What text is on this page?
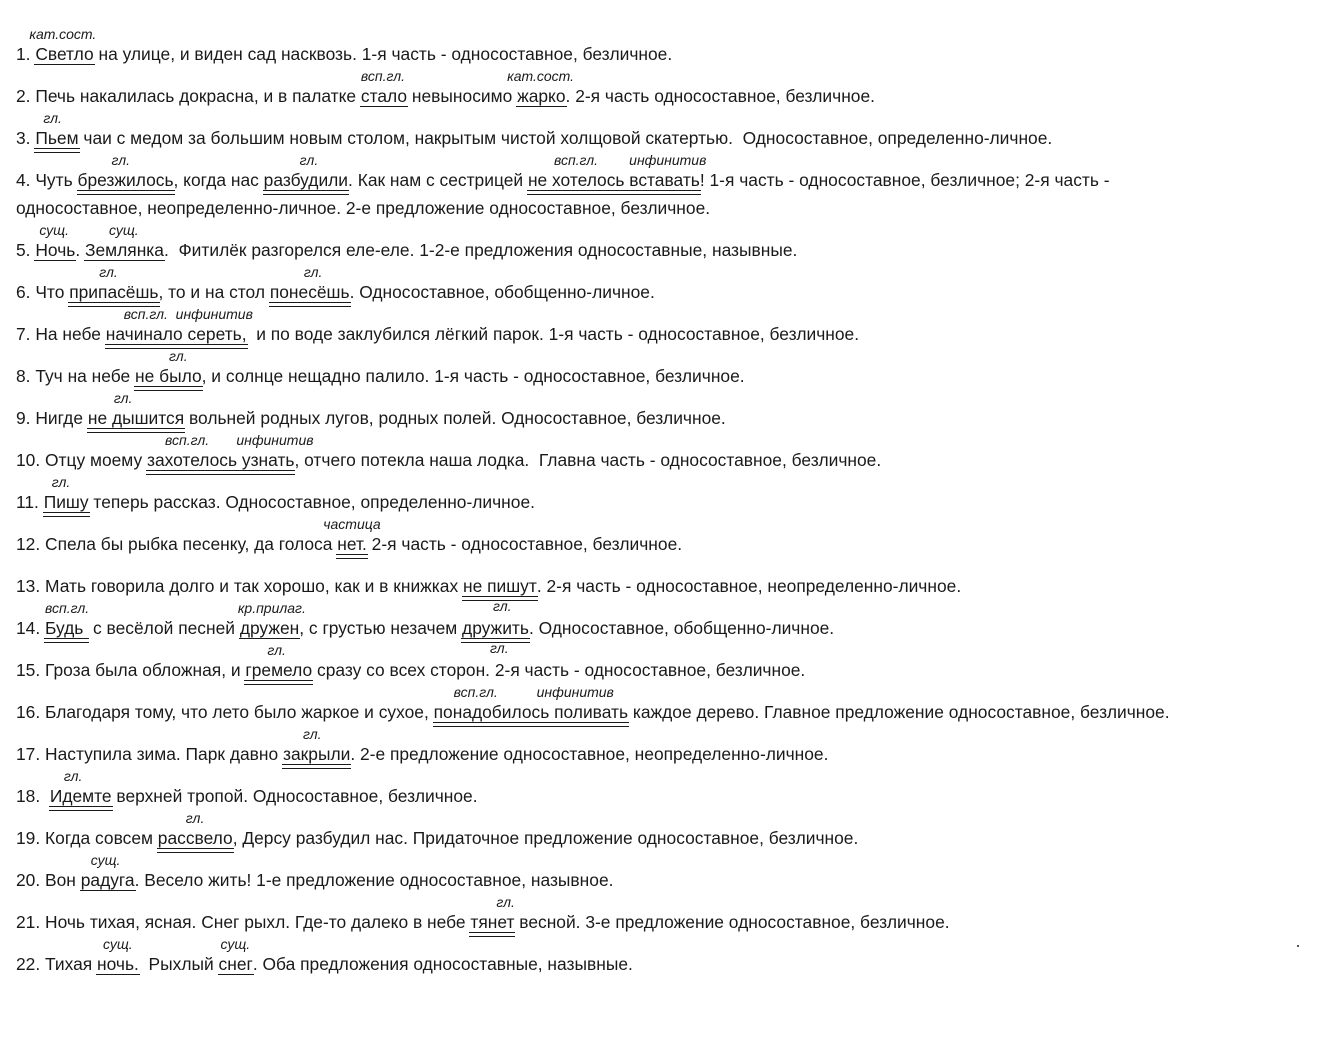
1. Светло
кат.сост.
на улице, и виден сад насквозь. 1-я часть - односоставное, безличное.
2. Печь накалилась докрасна, и в палатке стало
всп.гл.
невыносимо жарко
кат.сост.
. 2-я часть односоставное, безличное.
3. Пьем
гл.
чаи с медом за большим новым столом, накрытым чистой холщовой скатертью.  Односоставное, определенно-личное.
4. Чуть брезжилось
гл.
, когда нас разбудили
гл.
. Как нам с сестрицей не хотелось вставать
всп.гл.        инфинитив
! 1-я часть - односоставное, безличное; 2-я часть -
односоставное, неопределенно-личное. 2-е предложение односоставное, безличное.
5. Ночь
сущ.
. Землянка
сущ.
.  Фитилёк разгорелся еле-еле. 1-2-е предложения односоставные, назывные.
6. Что припасёшь
гл.
, то и на стол понесёшь
гл.
. Односоставное, обобщенно-личное.
7. На небе начинало сереть,
всп.гл.  инфинитив
и по воде заклубился лёгкий парок. 1-я часть - односоставное, безличное.
8. Туч на небе не было
гл.
, и солнце нещадно палило. 1-я часть - односоставное, безличное.
9. Нигде не дышится
гл.
вольней родных лугов, родных полей. Односоставное, безличное.
10. Отцу моему захотелось узнать
всп.гл.       инфинитив
, отчего потекла наша лодка.  Главна часть - односоставное, безличное.
11. Пишу
гл.
теперь рассказ. Односоставное, определенно-личное.
12. Спела бы рыбка песенку, да голоса нет.
частица
2-я часть - односоставное, безличное.
13. Мать говорила долго и так хорошо, как и в книжках не пишут
гл.
. 2-я часть - односоставное, неопределенно-личное.
14. Будь
всп.гл.
с весёлой песней дружен
кр.прилаг.
, с грустью незачем дружить
гл.
. Односоставное, обобщенно-личное.
15. Гроза была обложная, и гремело
гл.
сразу со всех сторон. 2-я часть - односоставное, безличное.
16. Благодаря тому, что лето было жаркое и сухое, понадобилось поливать
всп.гл.          инфинитив
каждое дерево. Главное предложение односоставное, безличное.
17. Наступила зима. Парк давно закрыли
гл.
. 2-е предложение односоставное, неопределенно-личное.
18.  Идемте
гл.
верхней тропой. Односоставное, безличное.
19. Когда совсем рассвело
гл.
, Дерсу разбудил нас. Придаточное предложение односоставное, безличное.
20. Вон радуга
сущ.
. Весело жить! 1-е предложение односоставное, назывное.
21. Ночь тихая, ясная. Снег рыхл. Где-то далеко в небе тянет
гл.
весной. 3-е предложение односоставное, безличное.
22. Тихая ночь.
сущ.
Рыхлый снег
сущ.
. Оба предложения односоставные, назывные.
